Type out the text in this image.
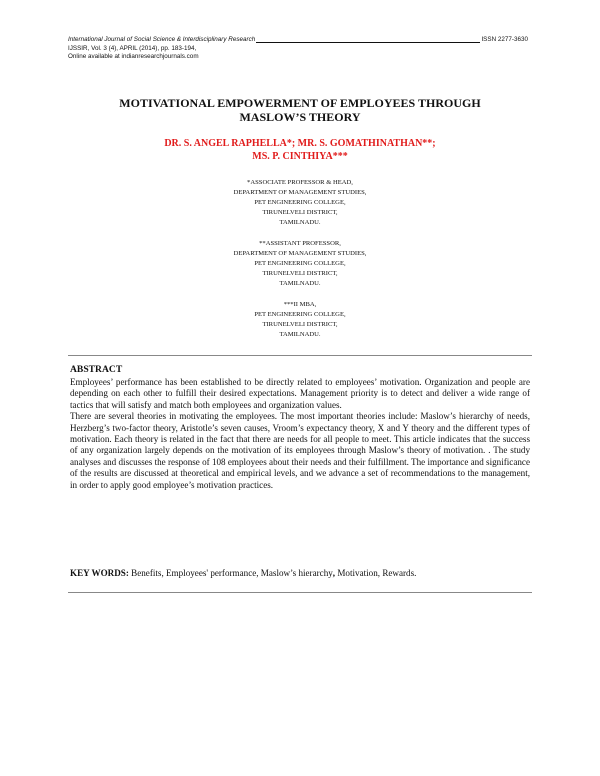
International Journal of Social Science & Interdisciplinary Research	ISSN 2277-3630
IJSSIR, Vol. 3 (4), APRIL (2014), pp. 183-194,
Online available at indianresearchjournals.com
MOTIVATIONAL EMPOWERMENT OF EMPLOYEES THROUGH
MASLOW’S THEORY
DR. S. ANGEL RAPHELLA*; MR. S. GOMATHINATHAN**;
MS. P. CINTHIYA***
*ASSOCIATE PROFESSOR & HEAD,
DEPARTMENT OF MANAGEMENT STUDIES,
PET ENGINEERING COLLEGE,
TIRUNELVELI DISTRICT,
TAMILNADU.
**ASSISTANT PROFESSOR,
DEPARTMENT OF MANAGEMENT STUDIES,
PET ENGINEERING COLLEGE,
TIRUNELVELI DISTRICT,
TAMILNADU.
***II MBA,
PET ENGINEERING COLLEGE,
TIRUNELVELI DISTRICT,
TAMILNADU.
ABSTRACT

Employees’ performance has been established to be directly related to employees’ motivation. Organization and people are depending on each other to fulfill their desired expectations. Management priority is to detect and deliver a wide range of tactics that will satisfy and match both employees and organization values.

There are several theories in motivating the employees. The most important theories include: Maslow’s hierarchy of needs, Herzberg’s two-factor theory, Aristotle’s seven causes, Vroom’s expectancy theory, X and Y theory and the different types of motivation. Each theory is related in the fact that there are needs for all people to meet. This article indicates that the success of any organization largely depends on the motivation of its employees through Maslow’s theory of motivation. . The study analyses and discusses the response of 108 employees about their needs and their fulfillment. The importance and significance of the results are discussed at theoretical and empirical levels, and we advance a set of recommendations to the management, in order to apply good employee’s motivation practices.

KEY WORDS: Benefits, Employees' performance, Maslow’s hierarchy, Motivation, Rewards.
